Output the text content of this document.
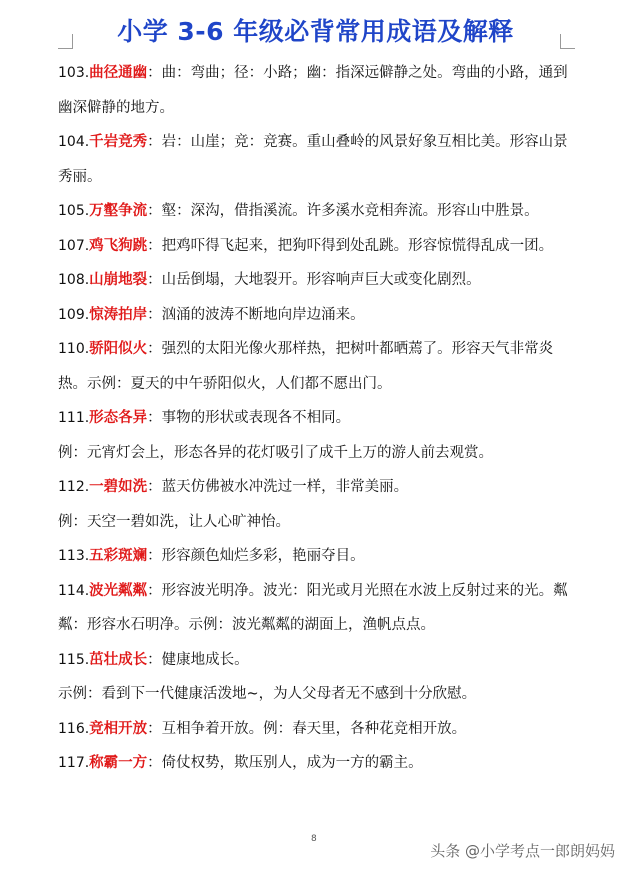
小学 3-6 年级必背常用成语及解释

103.曲径通幽：曲：弯曲；径：小路；幽：指深远僻静之处。弯曲的小路，通到幽深僻静的地方。

104.千岩竞秀：岩：山崖；竞：竞赛。重山叠岭的风景好象互相比美。形容山景秀丽。

105.万壑争流：壑：深沟，借指溪流。许多溪水竞相奔流。形容山中胜景。

107.鸡飞狗跳：把鸡吓得飞起来，把狗吓得到处乱跳。形容惊慌得乱成一团。

108.山崩地裂：山岳倒塌，大地裂开。形容响声巨大或变化剧烈。

109.惊涛拍岸：汹涌的波涛不断地向岸边涌来。

110.骄阳似火：强烈的太阳光像火那样热，把树叶都晒蔫了。形容天气非常炎热。示例：夏天的中午骄阳似火，人们都不愿出门。

111.形态各异：事物的形状或表现各不相同。

例：元宵灯会上，形态各异的花灯吸引了成千上万的游人前去观赏。

112.一碧如洗：蓝天仿佛被水冲洗过一样，非常美丽。

例：天空一碧如洗，让人心旷神怡。

113.五彩斑斓：形容颜色灿烂多彩，艳丽夺目。

114.波光粼粼：形容波光明净。波光：阳光或月光照在水波上反射过来的光。粼粼：形容水石明净。示例：波光粼粼的湖面上，渔帆点点。

115.茁壮成长：健康地成长。

示例：看到下一代健康活泼地~，为人父母者无不感到十分欣慰。

116.竞相开放：互相争着开放。例：春天里，各种花竞相开放。

117.称霸一方：倚仗权势，欺压别人，成为一方的霸主。

8
头条 @小学考点一郎朗妈妈
